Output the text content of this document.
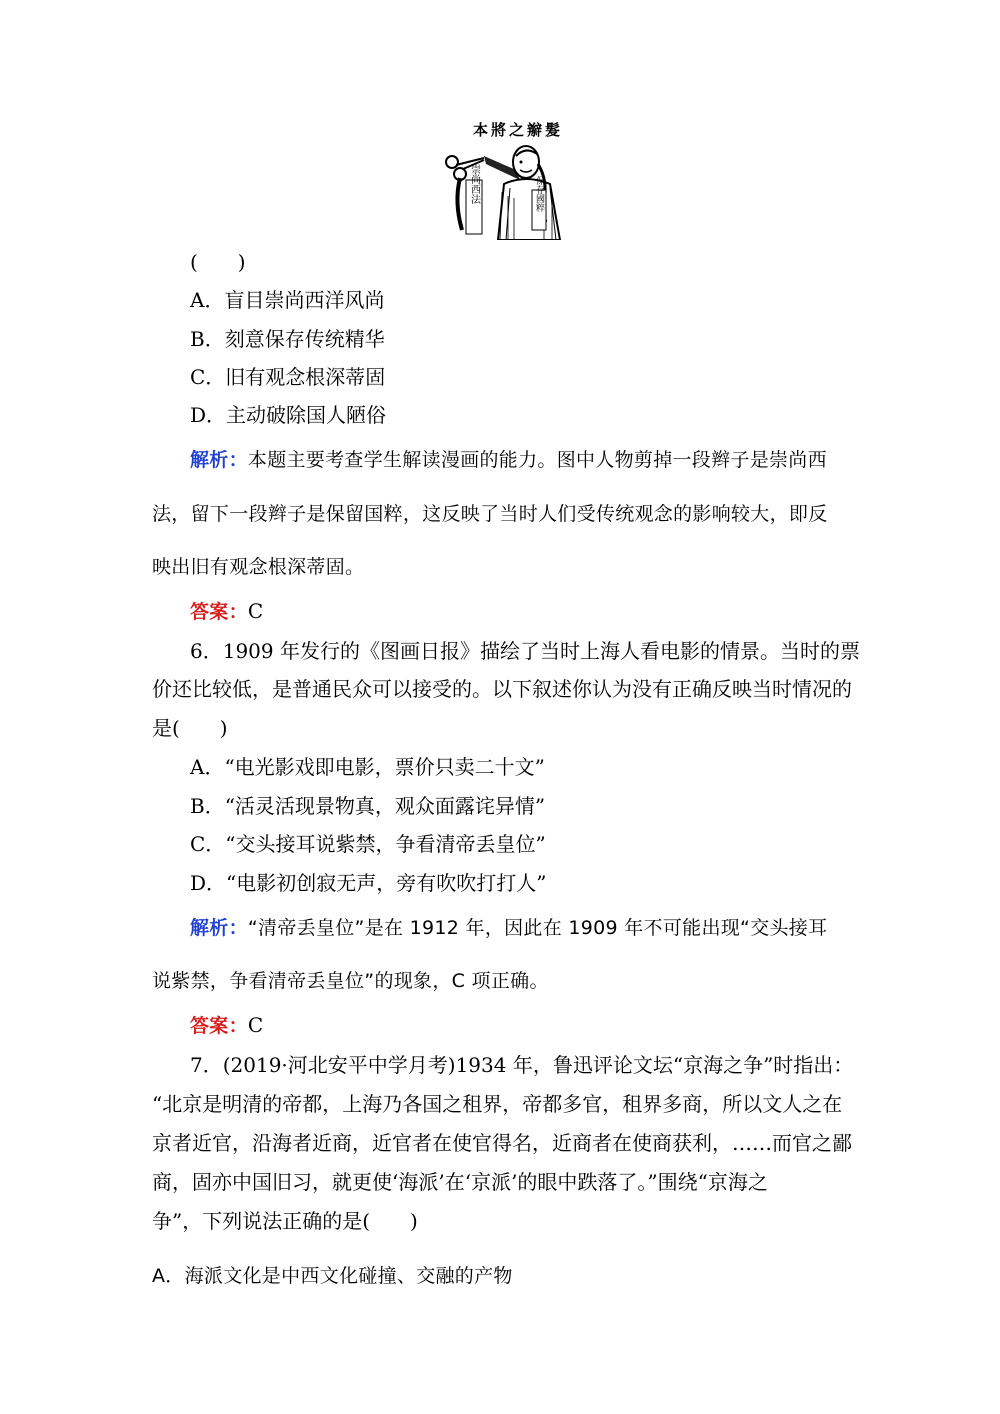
本將之辮髮
崇尚西法	保存國粹
(　　)
A．盲目崇尚西洋风尚
B．刻意保存传统精华
C．旧有观念根深蒂固
D．主动破除国人陋俗
解析：本题主要考查学生解读漫画的能力。图中人物剪掉一段辫子是崇尚西
法，留下一段辫子是保留国粹，这反映了当时人们受传统观念的影响较大，即反
映出旧有观念根深蒂固。
答案：C
6．1909 年发行的《图画日报》描绘了当时上海人看电影的情景。当时的票
价还比较低，是普通民众可以接受的。以下叙述你认为没有正确反映当时情况的
是(　　)
A．“电光影戏即电影，票价只卖二十文”
B．“活灵活现景物真，观众面露诧异情”
C．“交头接耳说紫禁，争看清帝丢皇位”
D．“电影初创寂无声，旁有吹吹打打人”
解析：“清帝丢皇位”是在 1912 年，因此在 1909 年不可能出现“交头接耳
说紫禁，争看清帝丢皇位”的现象，C 项正确。
答案：C
7．(2019·河北安平中学月考)1934 年，鲁迅评论文坛“京海之争”时指出：
“北京是明清的帝都，上海乃各国之租界，帝都多官，租界多商，所以文人之在
京者近官，沿海者近商，近官者在使官得名，近商者在使商获利，……而官之鄙
商，固亦中国旧习，就更使‘海派’在‘京派’的眼中跌落了。”围绕“京海之
争”，下列说法正确的是(　　)
A．海派文化是中西文化碰撞、交融的产物
